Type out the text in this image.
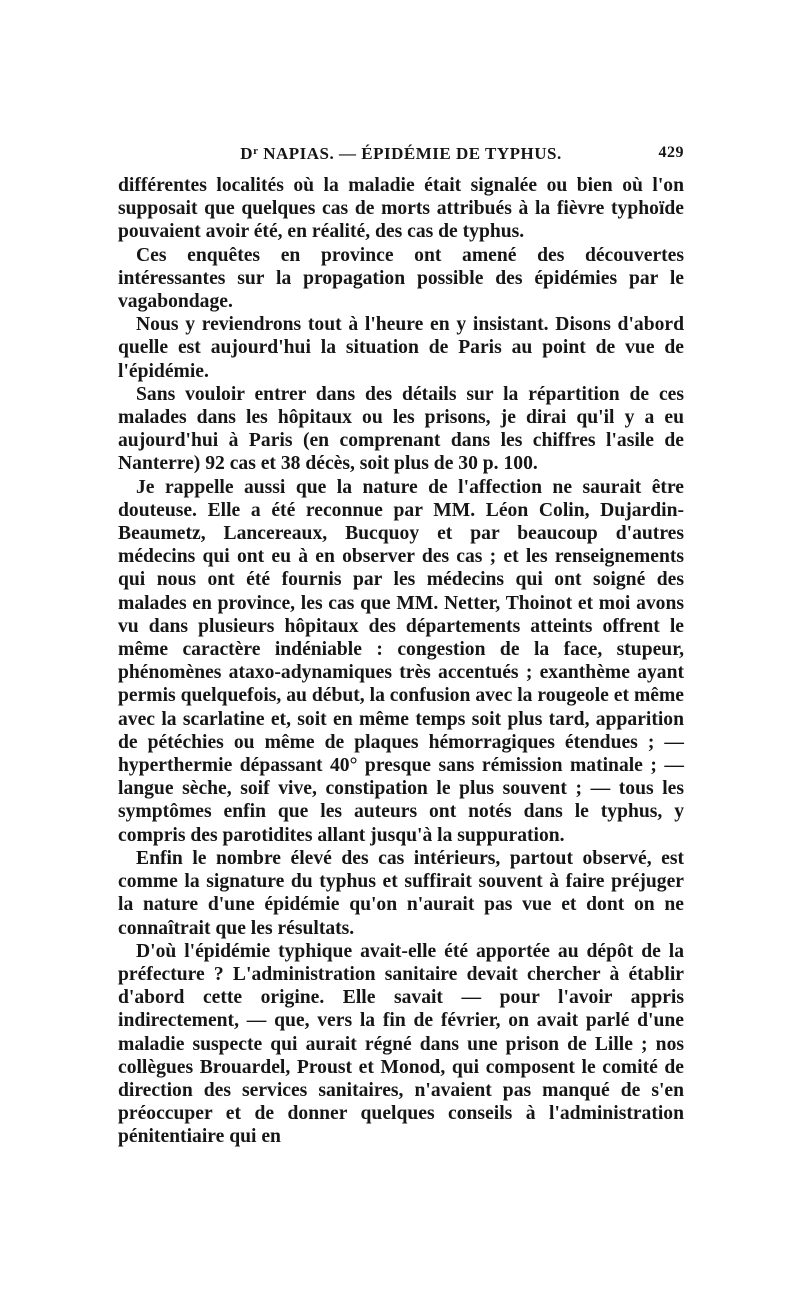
$D^r$ NAPIAS. — ÉPIDÉMIE DE TYPHUS.	429

différentes localités où la maladie était signalée ou bien où l'on supposait que quelques cas de morts attribués à la fièvre typhoïde pouvaient avoir été, en réalité, des cas de typhus.

Ces enquêtes en province ont amené des découvertes intéressantes sur la propagation possible des épidémies par le vagabondage.

Nous y reviendrons tout à l'heure en y insistant. Disons d'abord quelle est aujourd'hui la situation de Paris au point de vue de l'épidémie.

Sans vouloir entrer dans des détails sur la répartition de ces malades dans les hôpitaux ou les prisons, je dirai qu'il y a eu aujourd'hui à Paris (en comprenant dans les chiffres l'asile de Nanterre) 92 cas et 38 décès, soit plus de 30 p. 100.

Je rappelle aussi que la nature de l'affection ne saurait être douteuse. Elle a été reconnue par MM. Léon Colin, Dujardin-Beaumetz, Lancereaux, Bucquoy et par beaucoup d'autres médecins qui ont eu à en observer des cas ; et les renseignements qui nous ont été fournis par les médecins qui ont soigné des malades en province, les cas que MM. Netter, Thoinot et moi avons vu dans plusieurs hôpitaux des départements atteints offrent le même caractère indéniable : congestion de la face, stupeur, phénomènes ataxo-adynamiques très accentués ; exanthème ayant permis quelquefois, au début, la confusion avec la rougeole et même avec la scarlatine et, soit en même temps soit plus tard, apparition de pétéchies ou même de plaques hémorragiques étendues ; — hyperthermie dépassant 40° presque sans rémission matinale ; — langue sèche, soif vive, constipation le plus souvent ; — tous les symptômes enfin que les auteurs ont notés dans le typhus, y compris des parotidites allant jusqu'à la suppuration.

Enfin le nombre élevé des cas intérieurs, partout observé, est comme la signature du typhus et suffirait souvent à faire préjuger la nature d'une épidémie qu'on n'aurait pas vue et dont on ne connaîtrait que les résultats.

D'où l'épidémie typhique avait-elle été apportée au dépôt de la préfecture ? L'administration sanitaire devait chercher à établir d'abord cette origine. Elle savait — pour l'avoir appris indirectement, — que, vers la fin de février, on avait parlé d'une maladie suspecte qui aurait régné dans une prison de Lille ; nos collègues Brouardel, Proust et Monod, qui composent le comité de direction des services sanitaires, n'avaient pas manqué de s'en préoccuper et de donner quelques conseils à l'administration pénitentiaire qui en
